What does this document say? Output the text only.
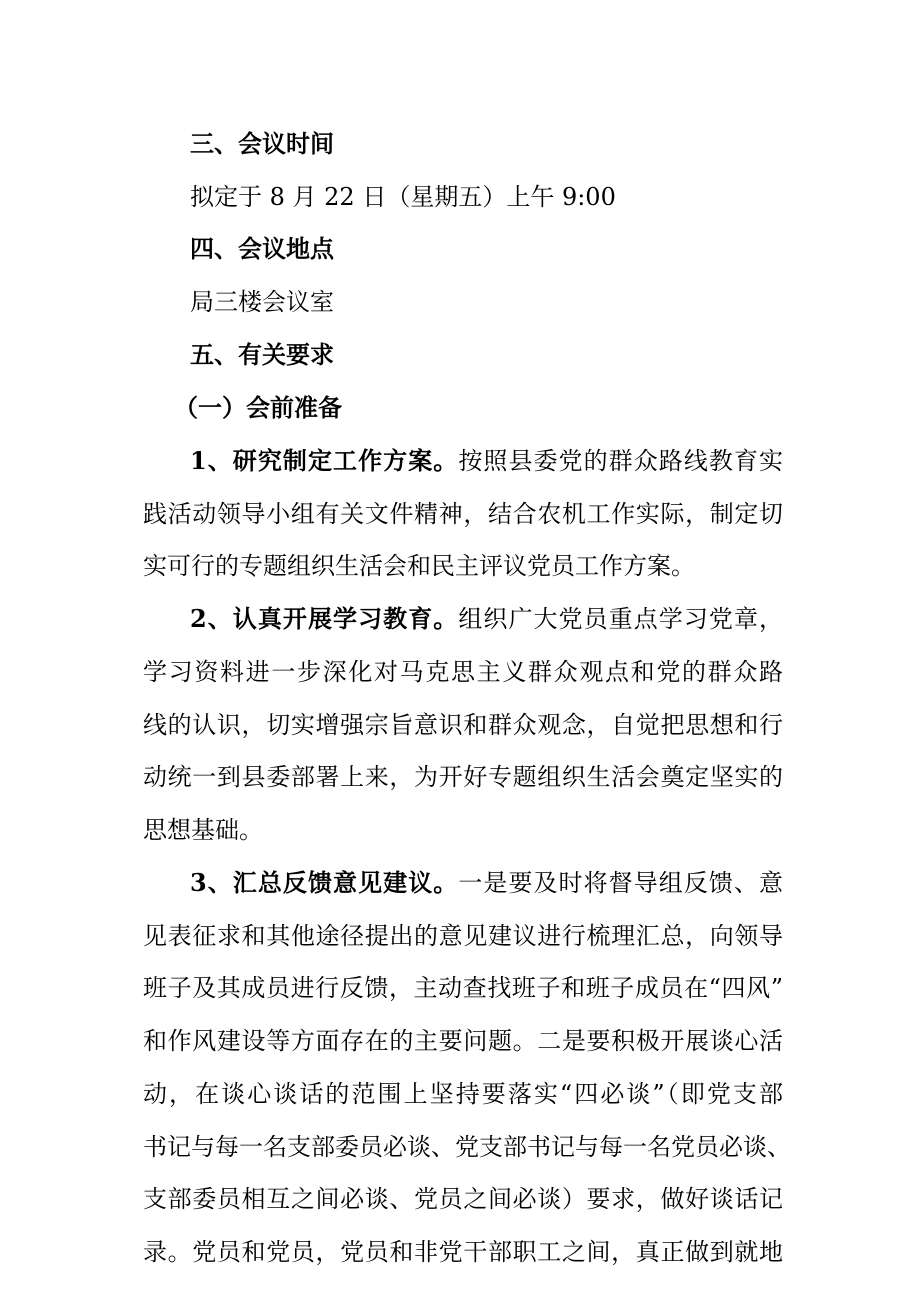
三、会议时间
拟定于 8 月 22 日（星期五）上午 9:00
四、会议地点
局三楼会议室
五、有关要求
（一）会前准备
1、研究制定工作方案。按照县委党的群众路线教育实
践活动领导小组有关文件精神，结合农机工作实际，制定切
实可行的专题组织生活会和民主评议党员工作方案。
2、认真开展学习教育。组织广大党员重点学习党章，
学习资料进一步深化对马克思主义群众观点和党的群众路
线的认识，切实增强宗旨意识和群众观念，自觉把思想和行
动统一到县委部署上来，为开好专题组织生活会奠定坚实的
思想基础。
3、汇总反馈意见建议。一是要及时将督导组反馈、意
见表征求和其他途径提出的意见建议进行梳理汇总，向领导
班子及其成员进行反馈，主动查找班子和班子成员在“四风”
和作风建设等方面存在的主要问题。二是要积极开展谈心活
动，在谈心谈话的范围上坚持要落实“四必谈”（即党支部
书记与每一名支部委员必谈、党支部书记与每一名党员必谈、
支部委员相互之间必谈、党员之间必谈）要求，做好谈话记
录。党员和党员，党员和非党干部职工之间，真正做到就地
